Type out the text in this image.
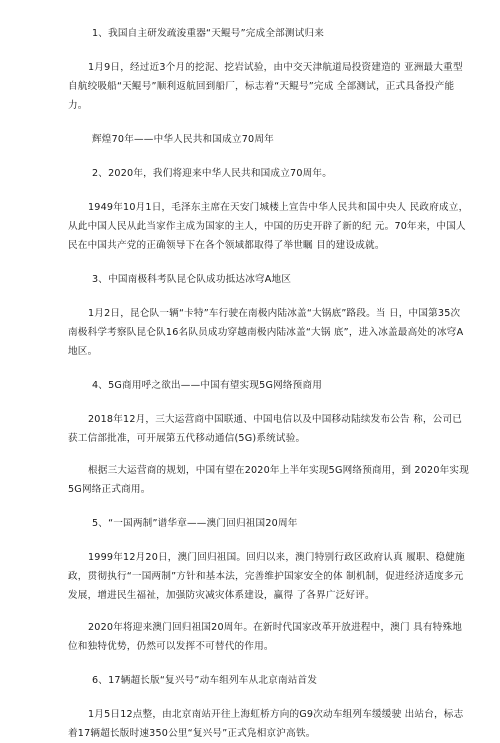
1、我国自主研发疏浚重器“天鲲号”完成全部测试归来

1月9日，经过近3个月的挖泥、挖岩试验，由中交天津航道局投资建造的 亚洲最大重型自航绞吸船“天鲲号”顺利返航回到船厂，标志着“天鲲号”完成 全部测试，正式具备投产能力。

辉煌70年——中华人民共和国成立70周年

2、2020年，我们将迎来中华人民共和国成立70周年。

1949年10月1日，毛泽东主席在天安门城楼上宣告中华人民共和国中央人 民政府成立，从此中国人民从此当家作主成为国家的主人，中国的历史开辟了新的纪 元。70年来，中国人民在中国共产党的正确领导下在各个领域都取得了举世瞩 目的建设成就。

3、中国南极科考队昆仑队成功抵达冰穹A地区

1月2日，昆仑队一辆“卡特”车行驶在南极内陆冰盖“大锅底”路段。当 日，中国第35次南极科学考察队昆仑队16名队员成功穿越南极内陆冰盖“大锅 底”，进入冰盖最高处的冰穹A地区。

4、5G商用呼之欲出——中国有望实现5G网络预商用

2018年12月，三大运营商中国联通、中国电信以及中国移动陆续发布公告 称，公司已获工信部批准，可开展第五代移动通信(5G)系统试验。

根据三大运营商的规划，中国有望在2020年上半年实现5G网络预商用，到 2020年实现5G网络正式商用。

5、“一国两制”谱华章——澳门回归祖国20周年

1999年12月20日，澳门回归祖国。回归以来，澳门特别行政区政府认真 履职、稳健施政，贯彻执行“一国两制”方针和基本法，完善维护国家安全的体 制机制，促进经济适度多元发展，增进民生福祉，加强防灾减灾体系建设，赢得 了各界广泛好评。

2020年将迎来澳门回归祖国20周年。在新时代国家改革开放进程中，澳门 具有特殊地位和独特优势，仍然可以发挥不可替代的作用。

6、17辆超长版“复兴号”动车组列车从北京南站首发

1月5日12点整，由北京南站开往上海虹桥方向的G9次动车组列车缓缓驶 出站台，标志着17辆超长版时速350公里“复兴号”正式凫相京沪高铁。
